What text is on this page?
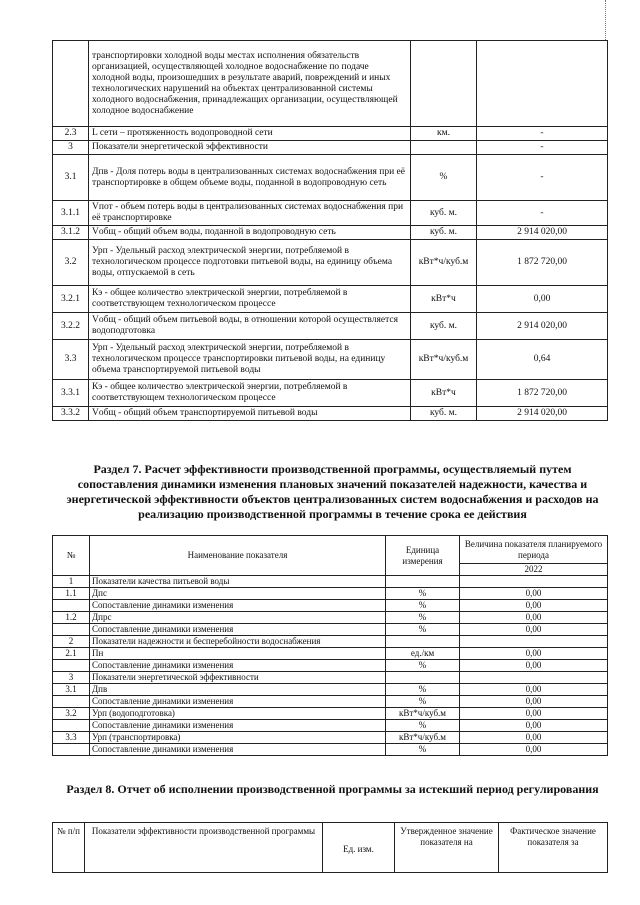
	транспортировки холодной воды местах исполнения обязательств организацией, осуществляющей холодное водоснабжение по подаче холодной воды, произошедших в результате аварий, повреждений и иных технологических нарушений на объектах централизованной системы холодного водоснабжения, принадлежащих организации, осуществляющей холодное водоснабжение		
2.3	L сети – протяженность водопроводной сети	км.	-
3	Показатели энергетической эффективности		-
3.1	Дпв - Доля потерь воды в централизованных системах водоснабжения при её транспортировке в общем объеме воды, поданной в водопроводную сеть	%	-
3.1.1	Vпот - объем потерь воды в централизованных системах водоснабжения при её транспортировке	куб. м.	-
3.1.2	Vобщ - общий объем воды, поданной в водопроводную сеть	куб. м.	2 914 020,00
3.2	Урп - Удельный расход электрической энергии, потребляемой в технологическом процессе подготовки питьевой воды, на единицу объема воды, отпускаемой в сеть	кВт*ч/куб.м	1 872 720,00
3.2.1	Кэ - общее количество электрической энергии, потребляемой в соответствующем технологическом процессе	кВт*ч	0,00
3.2.2	Vобщ - общий объем питьевой воды, в отношении которой осуществляется водоподготовка	куб. м.	2 914 020,00
3.3	Урп - Удельный расход электрической энергии, потребляемой в технологическом процессе транспортировки питьевой воды, на единицу объема транспортируемой питьевой воды	кВт*ч/куб.м	0,64
3.3.1	Кэ - общее количество электрической энергии, потребляемой в соответствующем технологическом процессе	кВт*ч	1 872 720,00
3.3.2	Vобщ - общий объем транспортируемой питьевой воды	куб. м.	2 914 020,00
Раздел 7. Расчет эффективности производственной программы, осуществляемый путем сопоставления динамики изменения плановых значений показателей надежности, качества и энергетической эффективности объектов централизованных систем водоснабжения и расходов на реализацию производственной программы в течение срока ее действия
№	Наименование показателя	Единица измерения	Величина показателя планируемого периода
			2022
1	Показатели качества питьевой воды		
1.1	Дпс	%	0,00
	Сопоставление динамики изменения	%	0,00
1.2	Дпрс	%	0,00
	Сопоставление динамики изменения	%	0,00
2	Показатели надежности и бесперебойности водоснабжения		
2.1	Пн	ед./км	0,00
	Сопоставление динамики изменения	%	0,00
3	Показатели энергетической эффективности		
3.1	Дпв	%	0,00
	Сопоставление динамики изменения	%	0,00
3.2	Урп (водоподготовка)	кВт*ч/куб.м	0,00
	Сопоставление динамики изменения	%	0,00
3.3	Урп (транспортировка)	кВт*ч/куб.м	0,00
	Сопоставление динамики изменения	%	0,00
Раздел 8. Отчет об исполнении производственной программы за истекший период регулирования
№ п/п	Показатели эффективности производственной программы	Ед. изм.	Утвержденное значение показателя на	Фактическое значение показателя за
